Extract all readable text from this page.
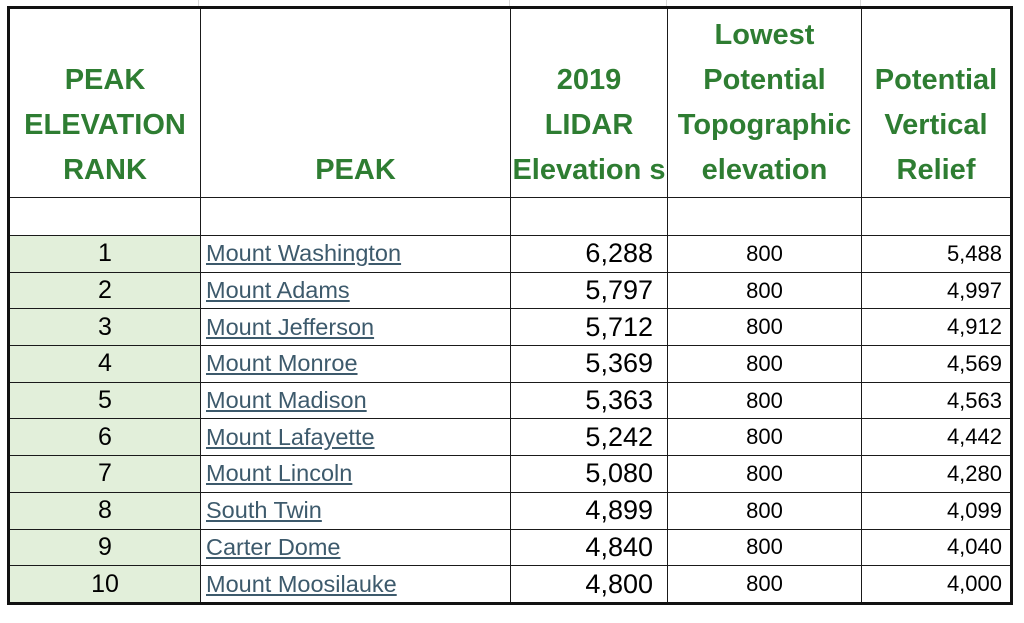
PEAK ELEVATION RANK	PEAK	2019 LIDAR Elevation s	Lowest Potential Topographic elevation	Potential Vertical Relief

1	Mount Washington	6,288	800	5,488
2	Mount Adams	5,797	800	4,997
3	Mount Jefferson	5,712	800	4,912
4	Mount Monroe	5,369	800	4,569
5	Mount Madison	5,363	800	4,563
6	Mount Lafayette	5,242	800	4,442
7	Mount Lincoln	5,080	800	4,280
8	South Twin	4,899	800	4,099
9	Carter Dome	4,840	800	4,040
10	Mount Moosilauke	4,800	800	4,000
